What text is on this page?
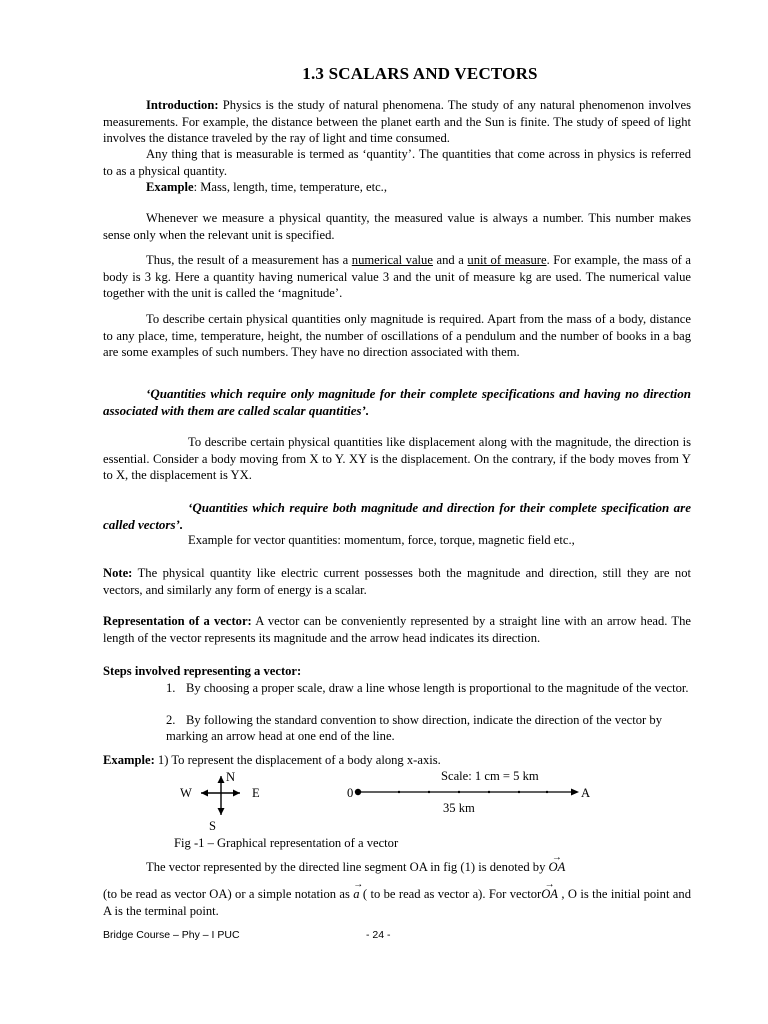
1.3 SCALARS AND VECTORS

Introduction: Physics is the study of natural phenomena. The study of any natural phenomenon involves measurements. For example, the distance between the planet earth and the Sun is finite. The study of speed of light involves the distance traveled by the ray of light and time consumed.

Any thing that is measurable is termed as ‘quantity’. The quantities that come across in physics is referred to as a physical quantity.

Example: Mass, length, time, temperature, etc.,

Whenever we measure a physical quantity, the measured value is always a number. This number makes sense only when the relevant unit is specified.

Thus, the result of a measurement has a numerical value and a unit of measure. For example, the mass of a body is 3 kg. Here a quantity having numerical value 3 and the unit of measure kg are used. The numerical value together with the unit is called the ‘magnitude’.

To describe certain physical quantities only magnitude is required. Apart from the mass of a body, distance to any place, time, temperature, height, the number of oscillations of a pendulum and the number of books in a bag are some examples of such numbers. They have no direction associated with them.

‘Quantities which require only magnitude for their complete specifications and having no direction associated with them are called scalar quantities’.

To describe certain physical quantities like displacement along with the magnitude, the direction is essential. Consider a body moving from X to Y. XY is the displacement. On the contrary, if the body moves from Y to X, the displacement is YX.

‘Quantities which require both magnitude and direction for their complete specification are called vectors’.

Example for vector quantities: momentum, force, torque, magnetic field etc.,

Note: The physical quantity like electric current possesses both the magnitude and direction, still they are not vectors, and similarly any form of energy is a scalar.

Representation of a vector: A vector can be conveniently represented by a straight line with an arrow head. The length of the vector represents its magnitude and the arrow head indicates its direction.

Steps involved representing a vector:

1. By choosing a proper scale, draw a line whose length is proportional to the magnitude of the vector.

2. By following the standard convention to show direction, indicate the direction of the vector by marking an arrow head at one end of the line.

Example: 1) To represent the displacement of a body along x-axis.

N
S
E
W
Scale: 1 cm = 5 km
0	A
35 km
Fig -1 – Graphical representation of a vector

The vector represented by the directed line segment OA in fig (1) is denoted by
→
OA

(to be read as vector OA) or a simple notation as
→
a ( to be read as vector a). For vector
→
OA , O is the initial point and A is the terminal point.

Bridge Course – Phy – I PUC	- 24 -
